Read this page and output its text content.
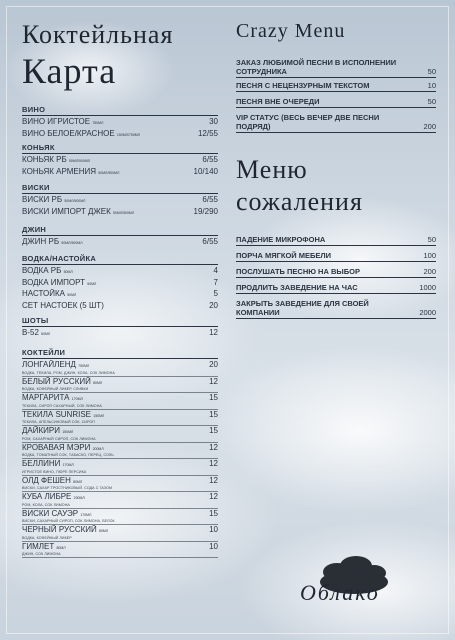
Коктейльная
Карта
ВИНО
ВИНО ИГРИСТОЕ 750МЛ	30
ВИНО БЕЛОЕ/КРАСНОЕ 150МЛ/750МЛ	12/55
КОНЬЯК
КОНЬЯК РБ 50МЛ/500МЛ	6/55
КОНЬЯК АРМЕНИЯ 50МЛ/500МЛ	10/140
ВИСКИ
ВИСКИ РБ 50МЛ/500МЛ	6/55
ВИСКИ ИМПОРТ ДЖЕК 50МЛ/500МЛ	19/290
ДЖИН
ДЖИН РБ 50МЛ/500МЛ	6/55
ВОДКА/НАСТОЙКА
ВОДКА РБ 50МЛ	4
ВОДКА ИМПОРТ 50МЛ	7
НАСТОЙКА 50МЛ	5
СЕТ НАСТОЕК (5 ШТ)	20
ШОТЫ
B-52 60МЛ	12
КОКТЕЙЛИ
ЛОНГАЙЛЕНД 750МЛ	20
ВОДКА, ТЕКИЛА, РОМ, ДЖИН, КОЛА, СОК ЛИМОНА
БЕЛЫЙ РУССКИЙ 80МЛ	12
ВОДКА, КОФЕЙНЫЙ ЛИКЕР, СЛИВКИ
МАРГАРИТА 170МЛ	15
ТЕКИЛА, СИРОП САХАРНЫЙ, СОК ЛИМОНА
ТЕКИЛА SUNRISE 150МЛ	15
ТЕКИЛА, АПЕЛЬСИНОВЫЙ СОК, СИРОП
ДАЙКИРИ 150МЛ	15
РОМ, САХАРНЫЙ СИРОП, СОК ЛИМОНА
КРОВАВАЯ МЭРИ 200МЛ	12
ВОДКА, ТОМАТНЫЙ СОК, ТАБАСКО, ПЕРЕЦ, СОЛЬ
БЕЛЛИНИ 170МЛ	12
ИГРИСТОЕ ВИНО, ПЮРЕ ПЕРСИКА
ОЛД ФЕШЕН 80МЛ	12
ВИСКИ, САХАР ТРОСТНИКОВЫЙ, СОДА С ГАЗОМ
КУБА ЛИБРЕ 230МЛ	12
РОМ, КОЛА, СОК ЛИМОНА
ВИСКИ САУЭР 170МЛ	15
ВИСКИ, САХАРНЫЙ СИРОП, СОК ЛИМОНА, БЕЛОК
ЧЕРНЫЙ РУССКИЙ 80МЛ	10
ВОДКА, КОФЕЙНЫЙ ЛИКЕР
ГИМЛЕТ 80МЛ	10
ДЖИН, СОК ЛИМОНА
Crazy Menu
ЗАКАЗ ЛЮБИМОЙ ПЕСНИ В ИСПОЛНЕНИИ СОТРУДНИКА	50
ПЕСНЯ С НЕЦЕНЗУРНЫМ ТЕКСТОМ	10
ПЕСНЯ ВНЕ ОЧЕРЕДИ	50
VIP СТАТУС (ВЕСЬ ВЕЧЕР ДВЕ ПЕСНИ ПОДРЯД)	200
Меню
сожаления
ПАДЕНИЕ МИКРОФОНА	50
ПОРЧА МЯГКОЙ МЕБЕЛИ	100
ПОСЛУШАТЬ ПЕСНЮ НА ВЫБОР	200
ПРОДЛИТЬ ЗАВЕДЕНИЕ НА ЧАС	1000
ЗАКРЫТЬ ЗАВЕДЕНИЕ ДЛЯ СВОЕЙ КОМПАНИИ	2000
Облако
